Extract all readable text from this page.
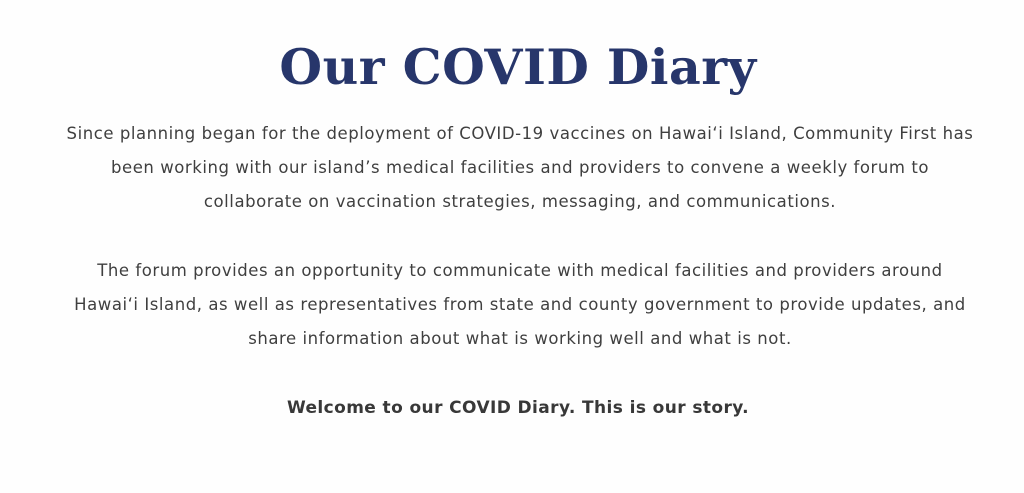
Our COVID Diary

Since planning began for the deployment of COVID-19 vaccines on Hawaiʻi Island, Community First has
been working with our island’s medical facilities and providers to convene a weekly forum to
collaborate on vaccination strategies, messaging, and communications.

The forum provides an opportunity to communicate with medical facilities and providers around
Hawaiʻi Island, as well as representatives from state and county government to provide updates, and
share information about what is working well and what is not.

Welcome to our COVID Diary. This is our story.
